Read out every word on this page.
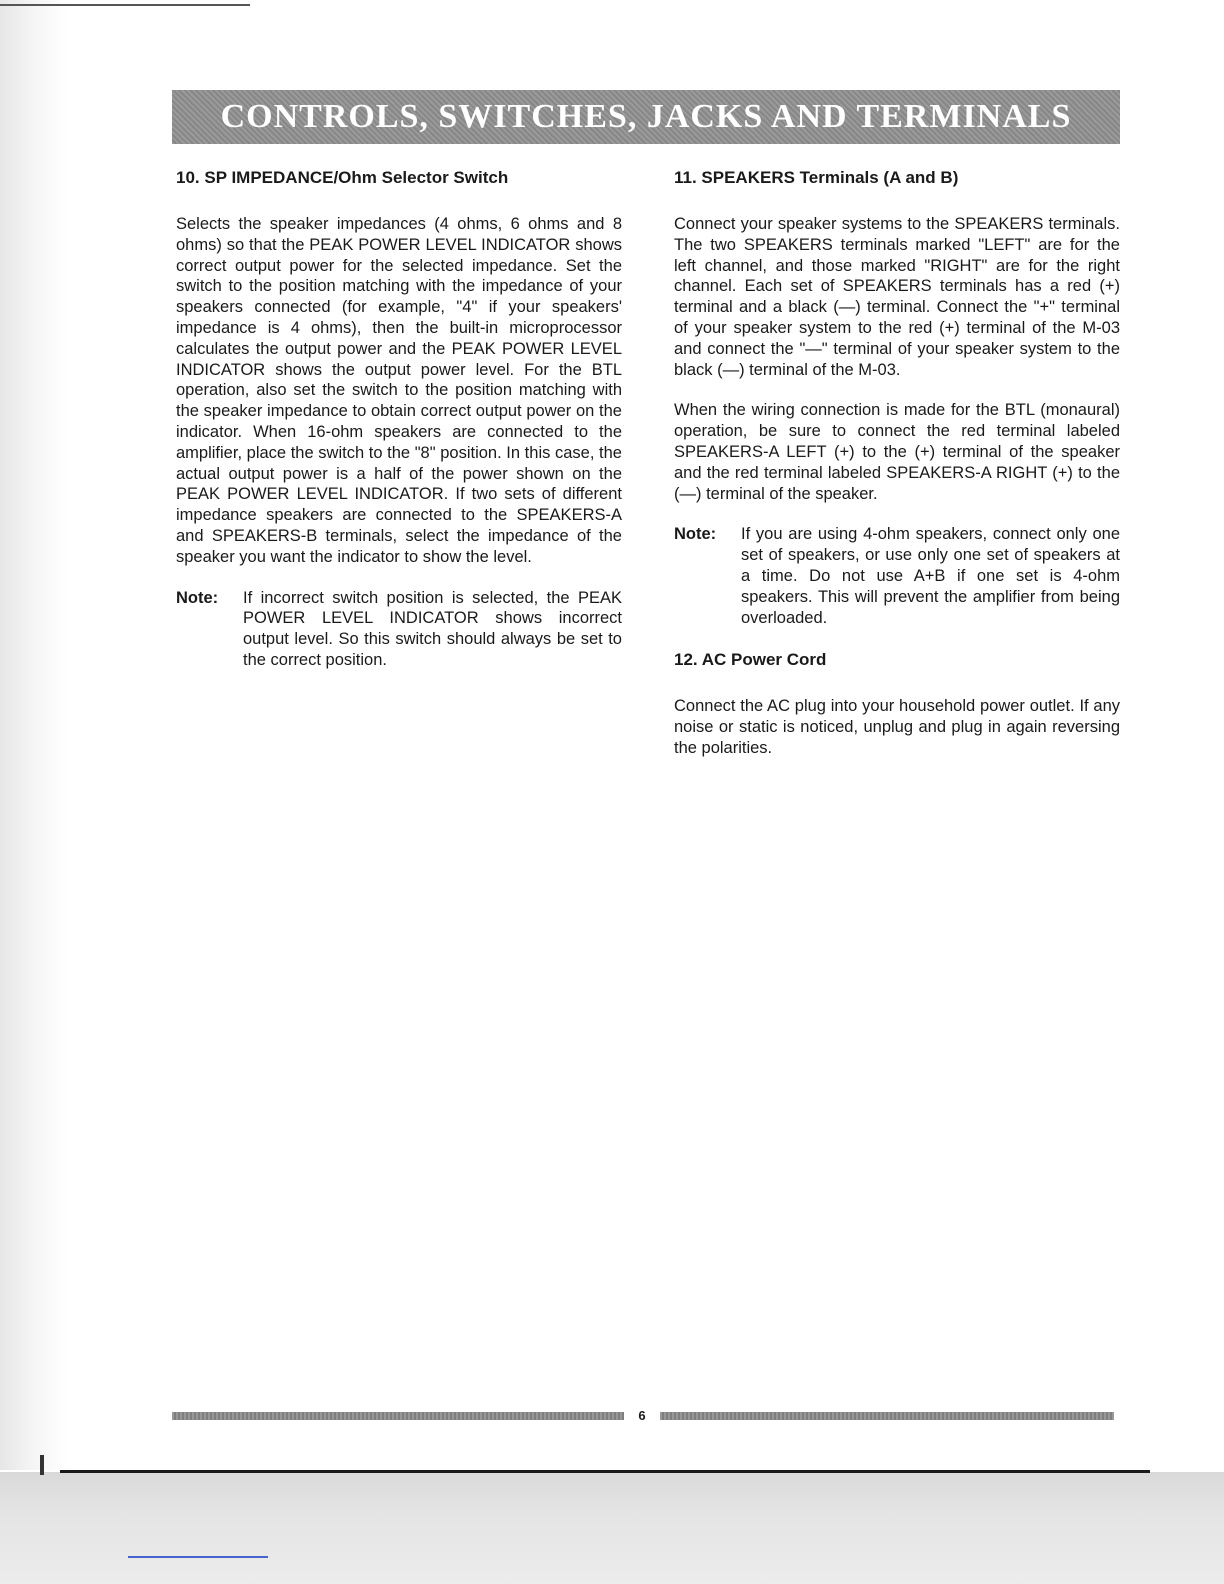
CONTROLS, SWITCHES, JACKS AND TERMINALS
10. SP IMPEDANCE/Ohm Selector Switch

Selects the speaker impedances (4 ohms, 6 ohms and 8 ohms) so that the PEAK POWER LEVEL INDICATOR shows correct output power for the selected impedance. Set the switch to the position matching with the impedance of your speakers connected (for example, "4" if your speakers' impedance is 4 ohms), then the built-in microprocessor calculates the output power and the PEAK POWER LEVEL INDICATOR shows the output power level. For the BTL operation, also set the switch to the position matching with the speaker impedance to obtain correct output power on the indicator. When 16-ohm speakers are connected to the amplifier, place the switch to the "8" position. In this case, the actual output power is a half of the power shown on the PEAK POWER LEVEL INDICATOR. If two sets of different impedance speakers are connected to the SPEAKERS-A and SPEAKERS-B terminals, select the impedance of the speaker you want the indicator to show the level.

Note:	If incorrect switch position is selected, the PEAK POWER LEVEL INDICATOR shows incorrect output level. So this switch should always be set to the correct position.
11. SPEAKERS Terminals (A and B)

Connect your speaker systems to the SPEAKERS terminals. The two SPEAKERS terminals marked "LEFT" are for the left channel, and those marked "RIGHT" are for the right channel. Each set of SPEAKERS terminals has a red (+) terminal and a black (—) terminal. Connect the "+" terminal of your speaker system to the red (+) terminal of the M-03 and connect the "—" terminal of your speaker system to the black (—) terminal of the M-03.

When the wiring connection is made for the BTL (monaural) operation, be sure to connect the red terminal labeled SPEAKERS-A LEFT (+) to the (+) terminal of the speaker and the red terminal labeled SPEAKERS-A RIGHT (+) to the (—) terminal of the speaker.

Note:	If you are using 4-ohm speakers, connect only one set of speakers, or use only one set of speakers at a time. Do not use A+B if one set is 4-ohm speakers. This will prevent the amplifier from being overloaded.
12. AC Power Cord

Connect the AC plug into your household power outlet. If any noise or static is noticed, unplug and plug in again reversing the polarities.

6
